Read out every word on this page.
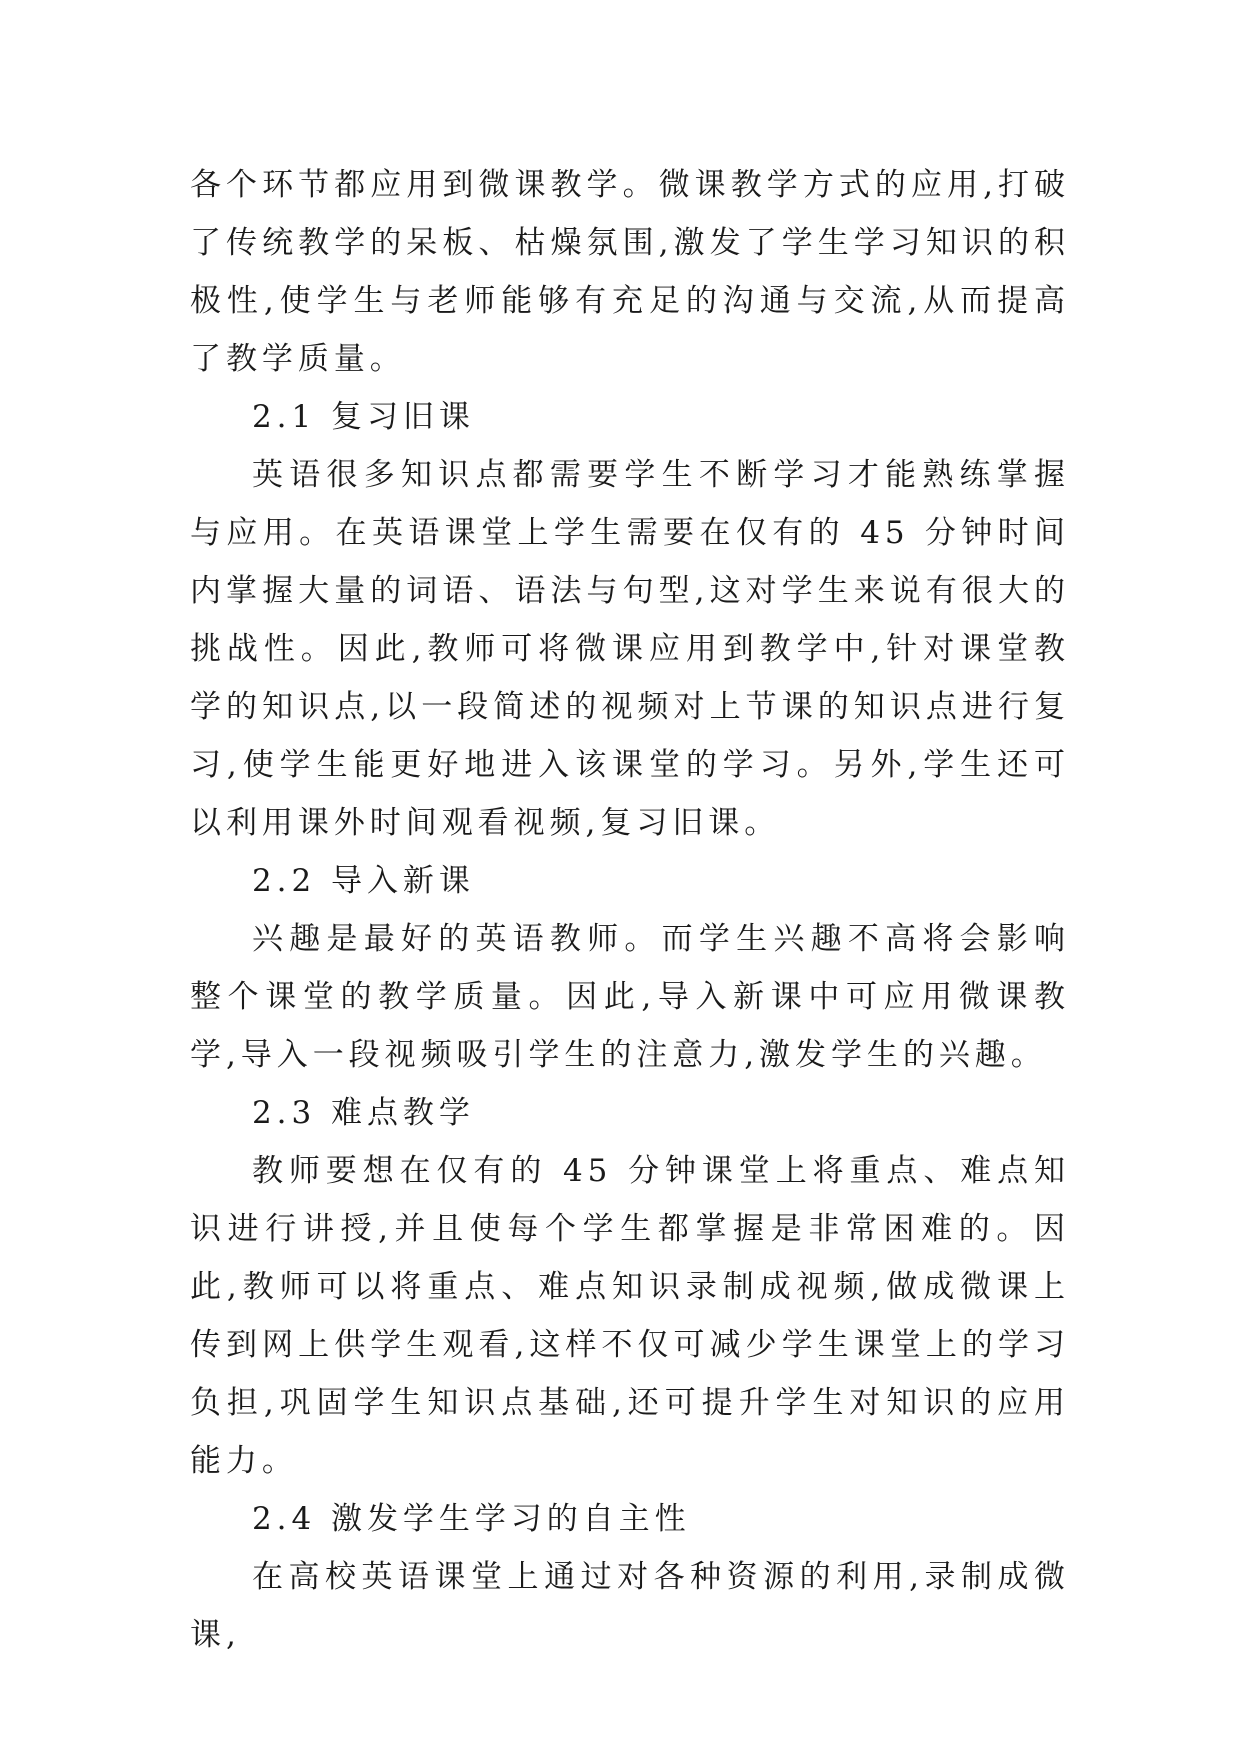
各个环节都应用到微课教学。微课教学方式的应用,打破了传统教学的呆板、枯燥氛围,激发了学生学习知识的积极性,使学生与老师能够有充足的沟通与交流,从而提高了教学质量。

2.1 复习旧课

英语很多知识点都需要学生不断学习才能熟练掌握与应用。在英语课堂上学生需要在仅有的 45 分钟时间内掌握大量的词语、语法与句型,这对学生来说有很大的挑战性。因此,教师可将微课应用到教学中,针对课堂教学的知识点,以一段简述的视频对上节课的知识点进行复习,使学生能更好地进入该课堂的学习。另外,学生还可以利用课外时间观看视频,复习旧课。

2.2 导入新课

兴趣是最好的英语教师。而学生兴趣不高将会影响整个课堂的教学质量。因此,导入新课中可应用微课教学,导入一段视频吸引学生的注意力,激发学生的兴趣。

2.3 难点教学

教师要想在仅有的 45 分钟课堂上将重点、难点知识进行讲授,并且使每个学生都掌握是非常困难的。因此,教师可以将重点、难点知识录制成视频,做成微课上传到网上供学生观看,这样不仅可减少学生课堂上的学习负担,巩固学生知识点基础,还可提升学生对知识的应用能力。

2.4 激发学生学习的自主性

在高校英语课堂上通过对各种资源的利用,录制成微课,
